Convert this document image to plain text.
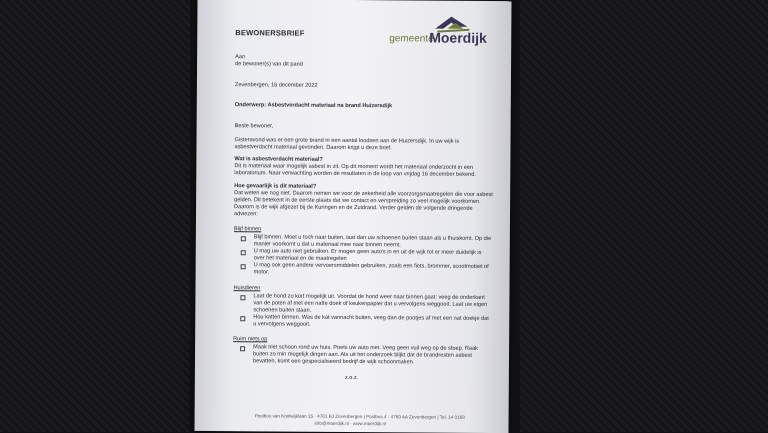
BEWONERSBRIEF
gemeente
Moerdijk
Aan
de bewoner(s) van dit pand
Zevenbergen, 16 december 2022
Onderwerp: Asbestverdacht materiaal na brand Huizersdijk
Beste bewoner,
Gisteravond was er een grote brand in een aantal loodsen aan de Huizersdijk. In uw wijk is
asbestverdacht materiaal gevonden. Daarom krijgt u deze brief.
Wat is asbestverdacht materiaal?
Dit is materiaal waar mogelijk asbest in zit. Op dit moment wordt het materiaal onderzocht in een
laboratorium. Naar verwachting worden de resultaten in de loop van vrijdag 16 december bekend.
Hoe gevaarlijk is dit materiaal?
Dat weten we nog niet. Daarom nemen we voor de zekerheid alle voorzorgsmaatregelen die voor asbest
gelden. Dit betekent in de eerste plaats dat we contact en verspreiding zo veel mogelijk voorkomen.
Daarom is de wijk afgezet bij de Kuringen en de Zuidrand. Verder gelden de volgende dringende
adviezen:
Blijf binnen
Blijf binnen. Moet u toch naar buiten, laat dan uw schoenen buiten staan als u thuiskomt. Op die
manier voorkomt u dat u materiaal mee naar binnen neemt.
U mag uw auto niet gebruiken. Er mogen geen auto's in en uit de wijk tot er meer duidelijk is
over het materiaal en de maatregelen
U mag ook geen andere vervoersmiddelen gebruiken, zoals een fiets, brommer, scootmobiel of
motor.
Huisdieren
Laat de hond zo kort mogelijk uit. Voordat de hond weer naar binnen gaat: veeg de onderkant
van de poten af met een natte doek of keukenpapier dat u vervolgens weggooit. Laat uw eigen
schoenen buiten staan.
Hou katten binnen. Was de kat vannacht buiten, veeg dan de pootjes af met een nat doekje dat
u vervolgens weggooit.
Ruim niets op
Maak niet schoon rond uw huis. Poets uw auto niet. Veeg geen vuil weg op de stoep. Raak
buiten zo min mogelijk dingen aan. Als uit het onderzoek blijkt dat de brandresten asbest
bevatten, komt een gespecialiseerd bedrijf de wijk schoonmaken.
z.o.z.
Postbus van Koolwijklaan 15 · 4761 BJ Zevenbergen | Postbus 4 · 4760 AA Zevenbergen | Tel. 14 0168
info@moerdijk.nl · www.moerdijk.nl
